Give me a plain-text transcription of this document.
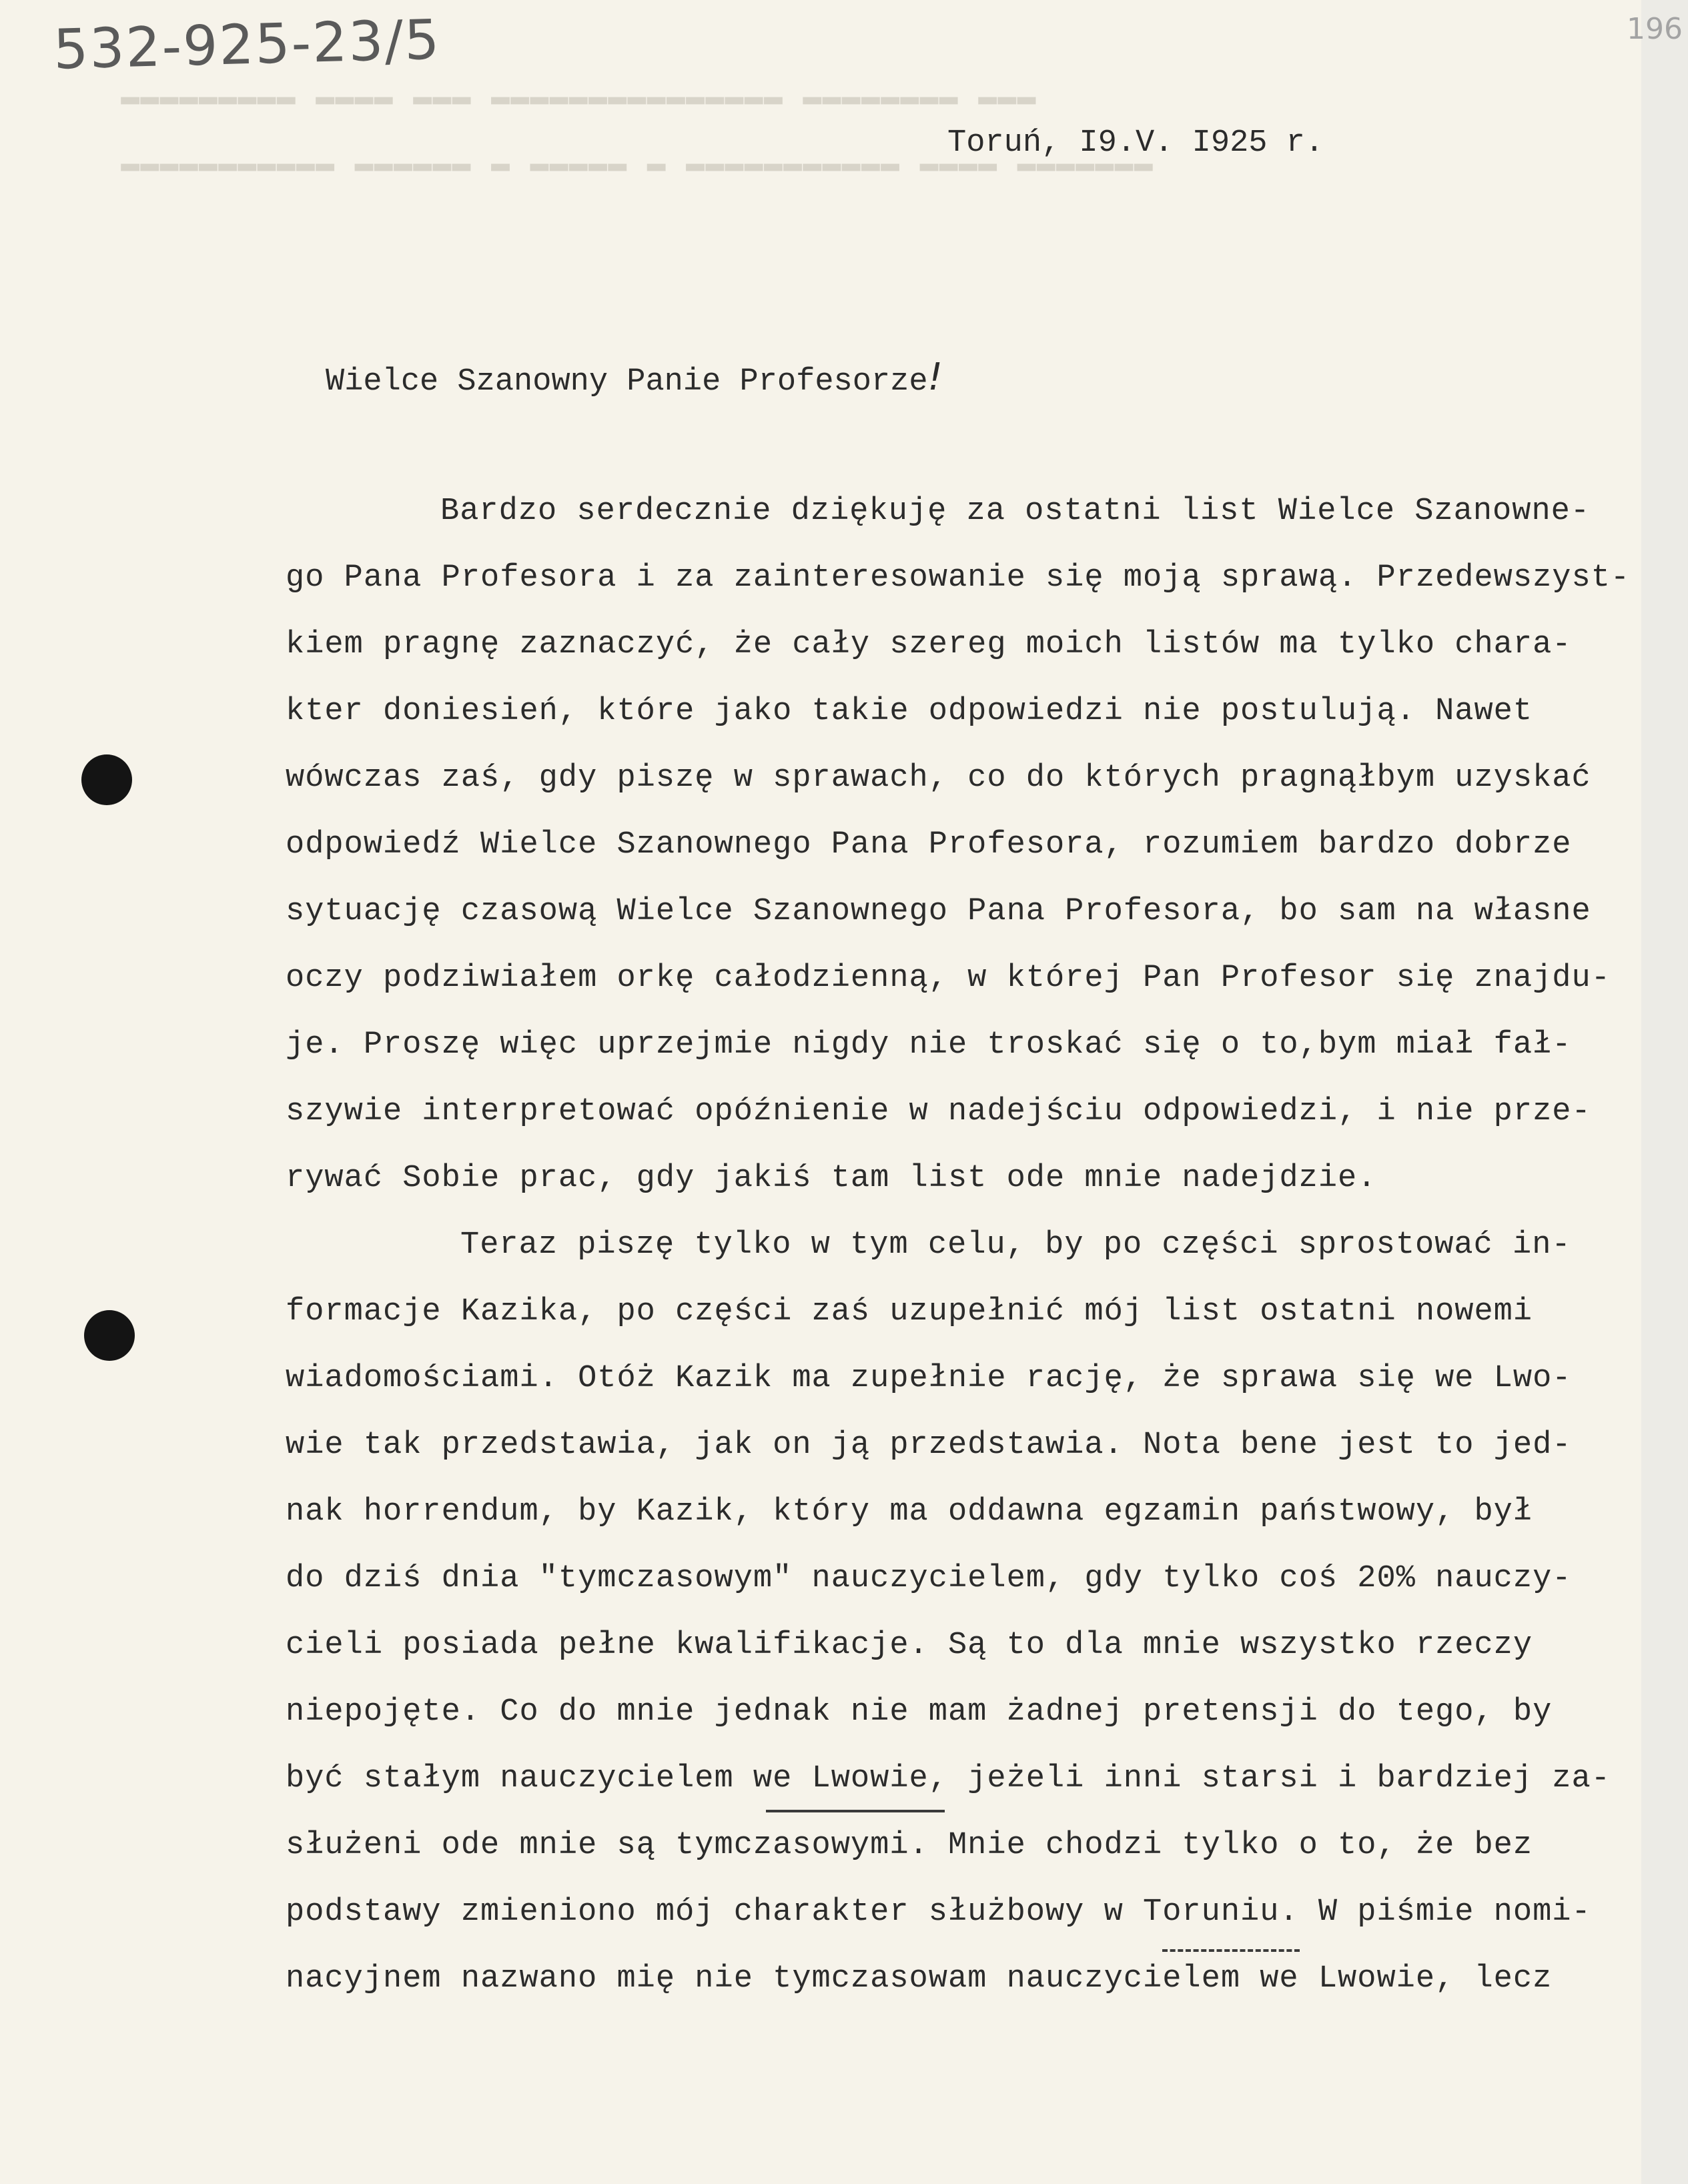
▬▬▬ ▬▬▬▬▬▬▬▬ ▬▬▬▬▬▬▬▬▬▬▬▬▬▬▬ ▬▬▬ ▬▬▬▬ ▬▬▬▬▬▬▬▬▬
▬▬▬▬▬▬▬ ▬▬▬▬ ▬▬▬▬▬▬▬▬▬▬▬ ▬ ▬▬▬▬▬ ▬ ▬▬▬▬▬▬ ▬▬▬▬▬▬▬▬▬▬▬
532-925-23/5	196
Toruń, I9.V. I925 r.
Wielce Szanowny Panie Profesorze!
Bardzo serdecznie dziękuję za ostatni list Wielce Szanowne-
go Pana Profesora i za zainteresowanie się moją sprawą. Przedewszyst-
kiem pragnę zaznaczyć, że cały szereg moich listów ma tylko chara-
kter doniesień, które jako takie odpowiedzi nie postulują. Nawet
wówczas zaś, gdy piszę w sprawach, co do których pragnąłbym uzyskać
odpowiedź Wielce Szanownego Pana Profesora, rozumiem bardzo dobrze
sytuację czasową Wielce Szanownego Pana Profesora, bo sam na własne
oczy podziwiałem orkę całodzienną, w której Pan Profesor się znajdu-
je. Proszę więc uprzejmie nigdy nie troskać się o to,bym miał fał-
szywie interpretować opóźnienie w nadejściu odpowiedzi, i nie prze-
rywać Sobie prac, gdy jakiś tam list ode mnie nadejdzie.
Teraz piszę tylko w tym celu, by po części sprostować in-
formacje Kazika, po części zaś uzupełnić mój list ostatni nowemi
wiadomościami. Otóż Kazik ma zupełnie rację, że sprawa się we Lwo-
wie tak przedstawia, jak on ją przedstawia. Nota bene jest to jed-
nak horrendum, by Kazik, który ma oddawna egzamin państwowy, był
do dziś dnia "tymczasowym" nauczycielem, gdy tylko coś 20% nauczy-
cieli posiada pełne kwalifikacje. Są to dla mnie wszystko rzeczy
niepojęte. Co do mnie jednak nie mam żadnej pretensji do tego, by
być stałym nauczycielem we Lwowie, jeżeli inni starsi i bardziej za-
służeni ode mnie są tymczasowymi. Mnie chodzi tylko o to, że bez
podstawy zmieniono mój charakter służbowy w Toruniu. W piśmie nomi-
nacyjnem nazwano mię nie tymczasowam nauczycielem we Lwowie, lecz
